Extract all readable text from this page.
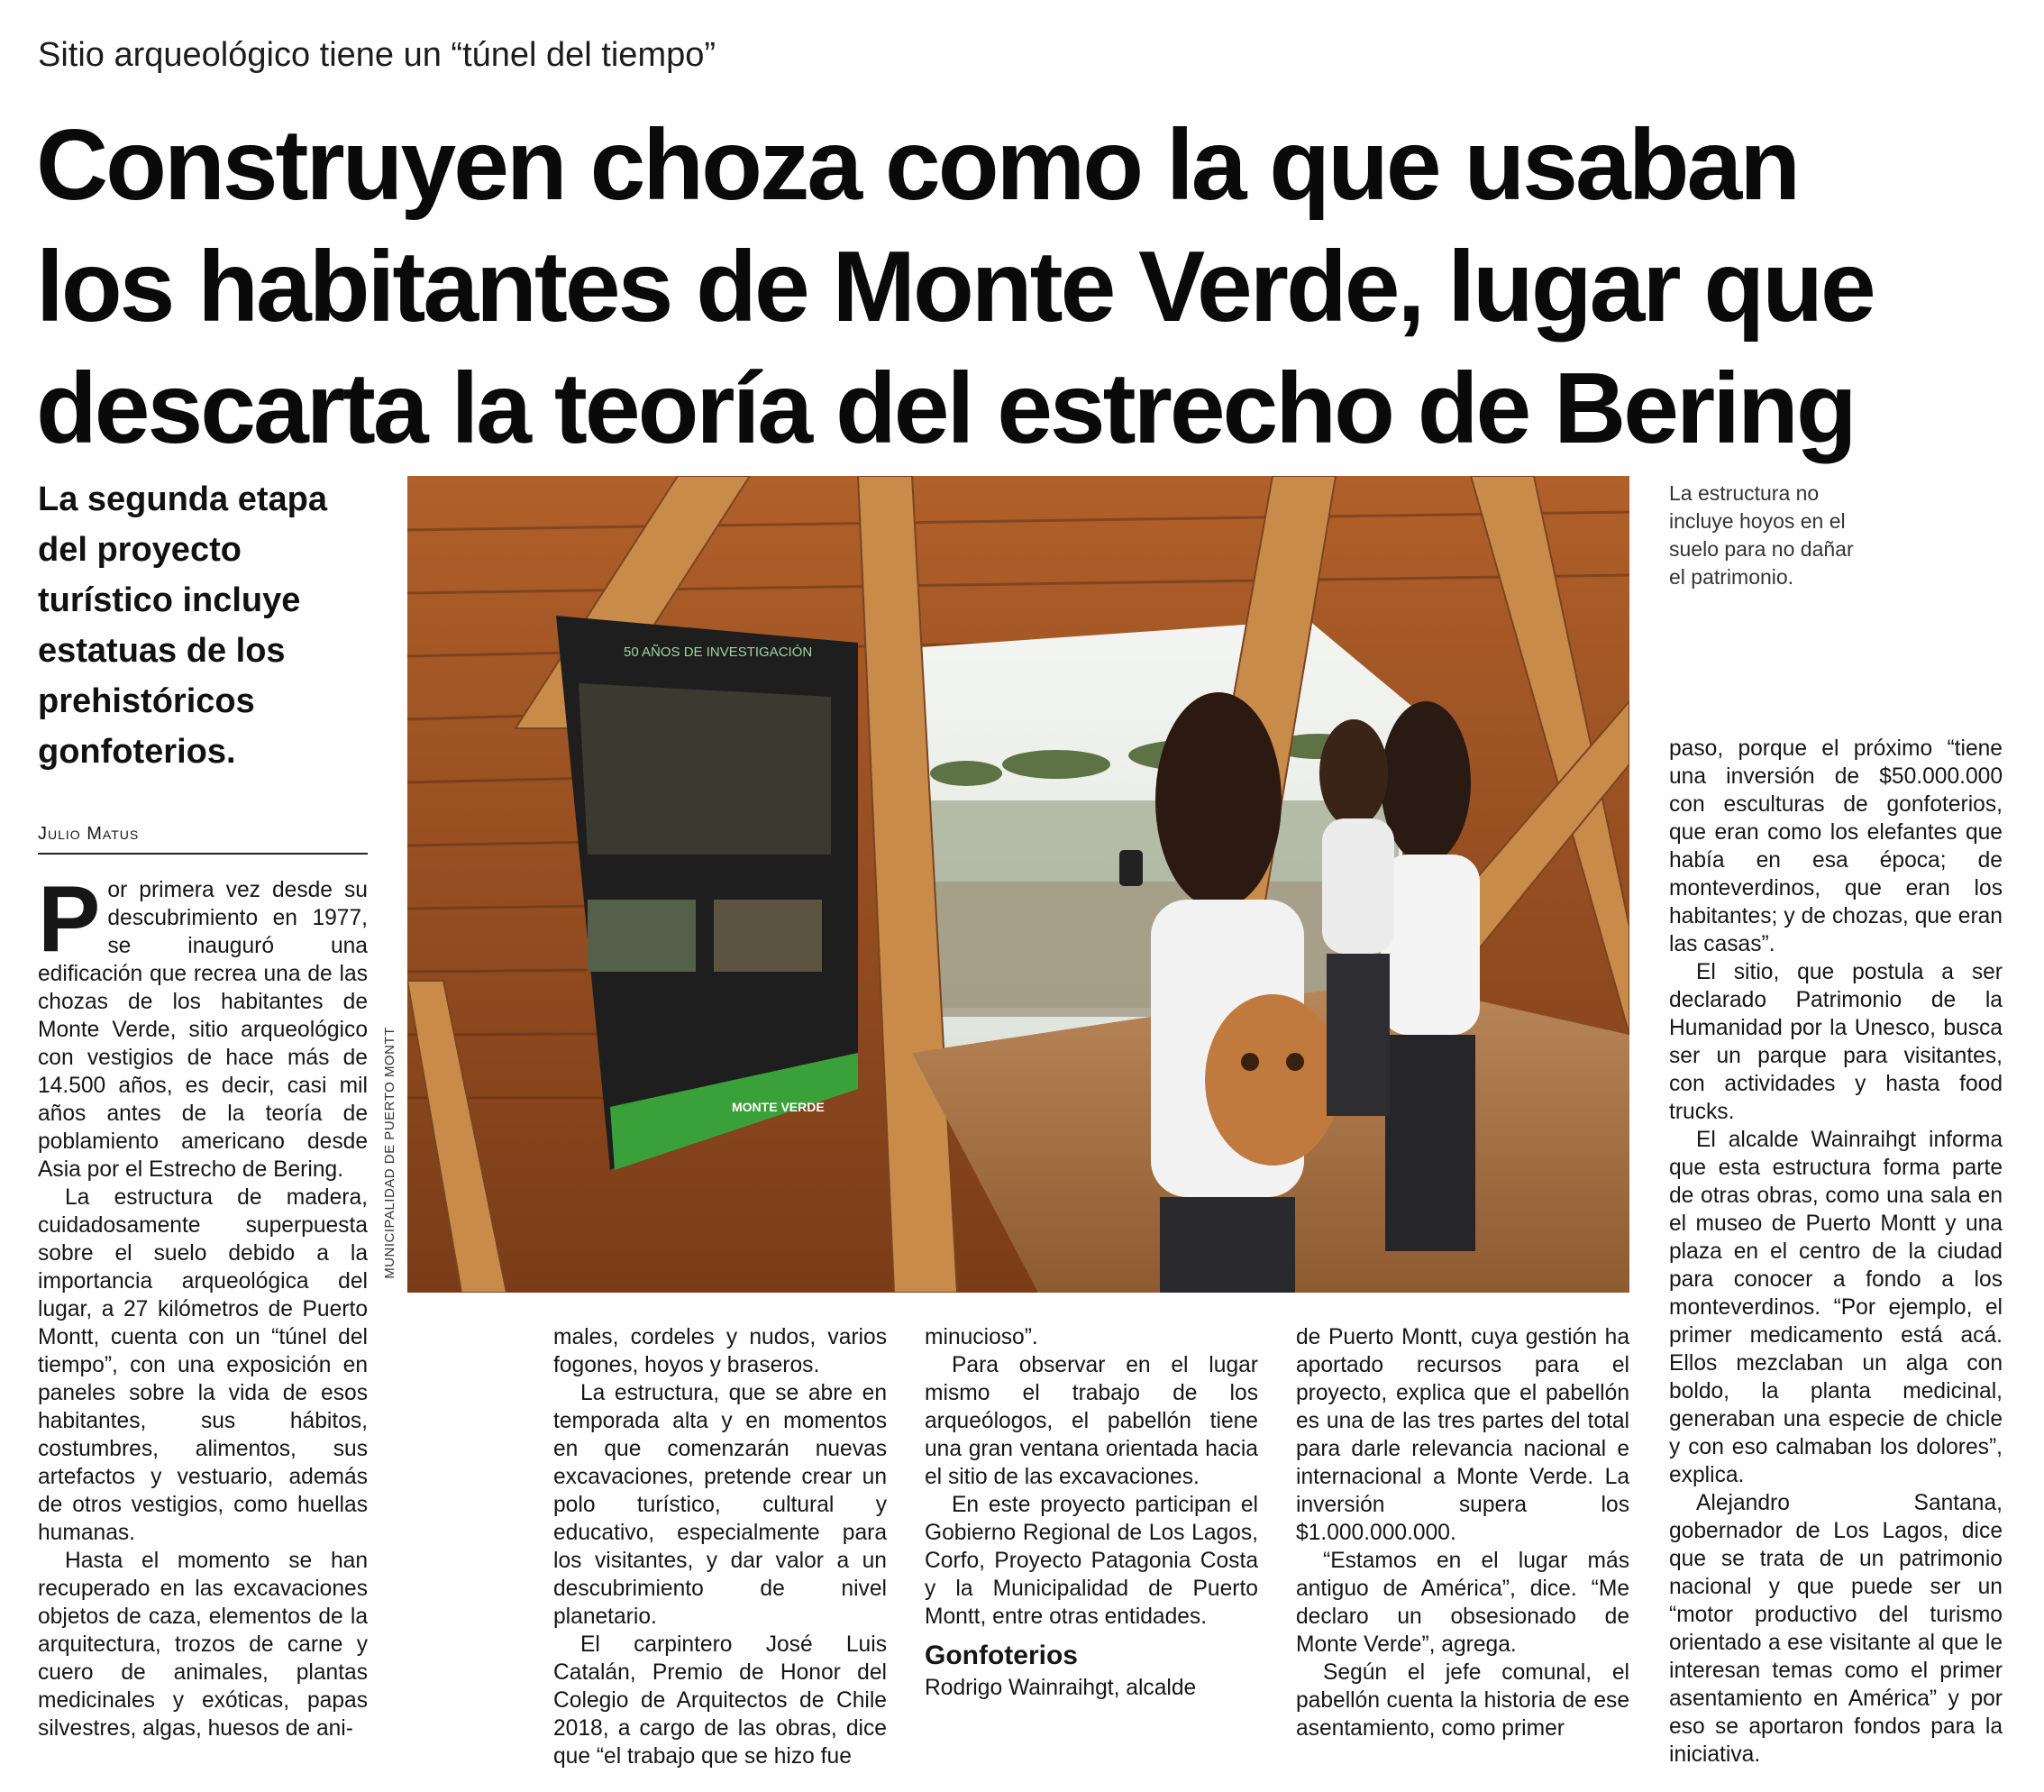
Sitio arqueológico tiene un “túnel del tiempo”
Construyen choza como la que usaban
los habitantes de Monte Verde, lugar que
descarta la teoría del estrecho de Bering
La segunda etapa del proyecto turístico incluye estatuas de los prehistóricos gonfoterios.
Julio Matus
50 AÑOS DE INVESTIGACIÓN
MONTE VERDE
MUNICIPALIDAD DE PUERTO MONTT
La estructura no incluye hoyos en el suelo para no dañar el patrimonio.

Por primera vez desde su descubrimiento en 1977, se inauguró una edificación que recrea una de las chozas de los habitantes de Monte Verde, sitio arqueológico con vestigios de hace más de 14.500 años, es decir, casi mil años antes de la teoría de poblamiento americano desde Asia por el Estrecho de Bering.

La estructura de madera, cuidadosamente superpuesta sobre el suelo debido a la importancia arqueológica del lugar, a 27 kilómetros de Puerto Montt, cuenta con un “túnel del tiempo”, con una exposición en paneles sobre la vida de esos habitantes, sus hábitos, costumbres, alimentos, sus artefactos y vestuario, además de otros vestigios, como huellas humanas.

Hasta el momento se han recuperado en las excavaciones objetos de caza, elementos de la arquitectura, trozos de carne y cuero de animales, plantas medicinales y exóticas, papas silvestres, algas, huesos de ani-

males, cordeles y nudos, varios fogones, hoyos y braseros.

La estructura, que se abre en temporada alta y en momentos en que comenzarán nuevas excavaciones, pretende crear un polo turístico, cultural y educativo, especialmente para los visitantes, y dar valor a un descubrimiento de nivel planetario.

El carpintero José Luis Catalán, Premio de Honor del Colegio de Arquitectos de Chile 2018, a cargo de las obras, dice que “el trabajo que se hizo fue

minucioso”.

Para observar en el lugar mismo el trabajo de los arqueólogos, el pabellón tiene una gran ventana orientada hacia el sitio de las excavaciones.

En este proyecto participan el Gobierno Regional de Los Lagos, Corfo, Proyecto Patagonia Costa y la Municipalidad de Puerto Montt, entre otras entidades.

Gonfoterios

Rodrigo Wainraihgt, alcalde

de Puerto Montt, cuya gestión ha aportado recursos para el proyecto, explica que el pabellón es una de las tres partes del total para darle relevancia nacional e internacional a Monte Verde. La inversión supera los $1.000.000.000.

“Estamos en el lugar más antiguo de América”, dice. “Me declaro un obsesionado de Monte Verde”, agrega.

Según el jefe comunal, el pabellón cuenta la historia de ese asentamiento, como primer

paso, porque el próximo “tiene una inversión de $50.000.000 con esculturas de gonfoterios, que eran como los elefantes que había en esa época; de monteverdinos, que eran los habitantes; y de chozas, que eran las casas”.

El sitio, que postula a ser declarado Patrimonio de la Humanidad por la Unesco, busca ser un parque para visitantes, con actividades y hasta food trucks.

El alcalde Wainraihgt informa que esta estructura forma parte de otras obras, como una sala en el museo de Puerto Montt y una plaza en el centro de la ciudad para conocer a fondo a los monteverdinos. “Por ejemplo, el primer medicamento está acá. Ellos mezclaban un alga con boldo, la planta medicinal, generaban una especie de chicle y con eso calmaban los dolores”, explica.

Alejandro Santana, gobernador de Los Lagos, dice que se trata de un patrimonio nacional y que puede ser un “motor productivo del turismo orientado a ese visitante al que le interesan temas como el primer asentamiento en América” y por eso se aportaron fondos para la iniciativa.
